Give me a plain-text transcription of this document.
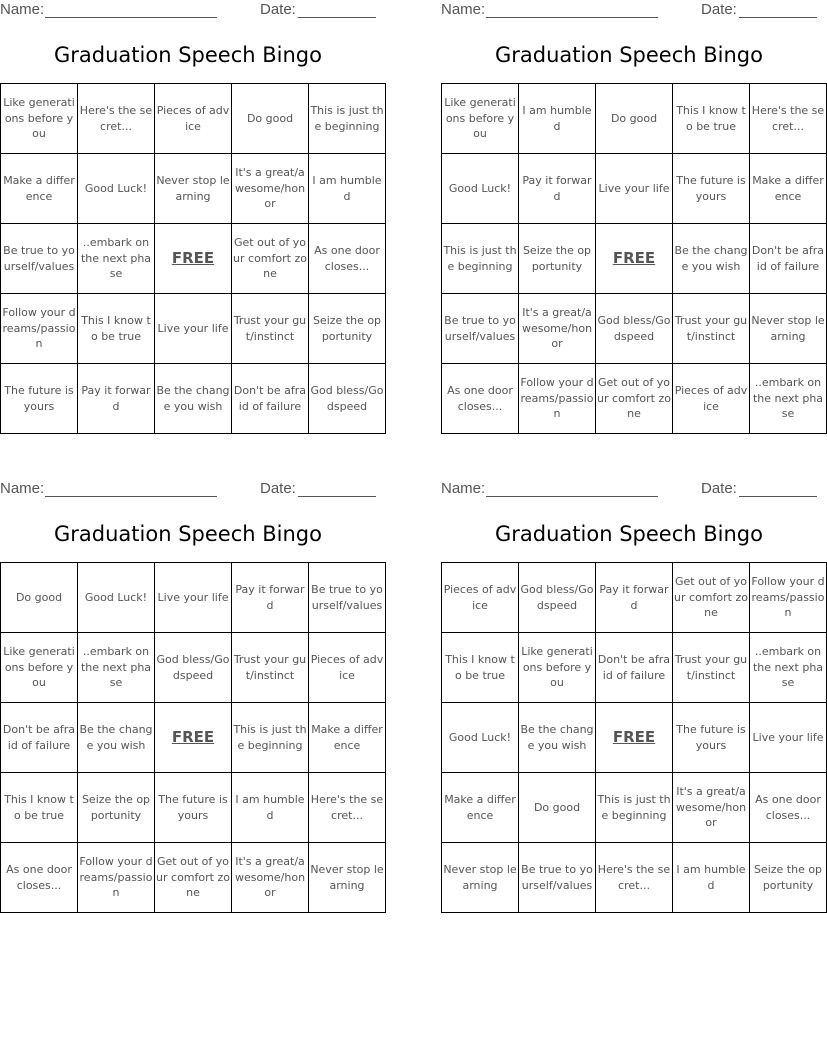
Name:	Date:
Graduation Speech Bingo
Like generations before you	Here's the secret...	Pieces of advice	Do good	This is just the beginning
Make a difference	Good Luck!	Never stop learning	It's a great/awesome/honor	I am humbled
Be true to yourself/values	..embark on the next phase	FREE	Get out of your comfort zone	As one door closes...
Follow your dreams/passion	This I know to be true	Live your life	Trust your gut/instinct	Seize the opportunity
The future is yours	Pay it forward	Be the change you wish	Don't be afraid of failure	God bless/Godspeed
Name:	Date:
Graduation Speech Bingo
Like generations before you	I am humbled	Do good	This I know to be true	Here's the secret...
Good Luck!	Pay it forward	Live your life	The future is yours	Make a difference
This is just the beginning	Seize the opportunity	FREE	Be the change you wish	Don't be afraid of failure
Be true to yourself/values	It's a great/awesome/honor	God bless/Godspeed	Trust your gut/instinct	Never stop learning
As one door closes...	Follow your dreams/passion	Get out of your comfort zone	Pieces of advice	..embark on the next phase
Name:	Date:
Graduation Speech Bingo
Do good	Good Luck!	Live your life	Pay it forward	Be true to yourself/values
Like generations before you	..embark on the next phase	God bless/Godspeed	Trust your gut/instinct	Pieces of advice
Don't be afraid of failure	Be the change you wish	FREE	This is just the beginning	Make a difference
This I know to be true	Seize the opportunity	The future is yours	I am humbled	Here's the secret...
As one door closes...	Follow your dreams/passion	Get out of your comfort zone	It's a great/awesome/honor	Never stop learning
Name:	Date:
Graduation Speech Bingo
Pieces of advice	God bless/Godspeed	Pay it forward	Get out of your comfort zone	Follow your dreams/passion
This I know to be true	Like generations before you	Don't be afraid of failure	Trust your gut/instinct	..embark on the next phase
Good Luck!	Be the change you wish	FREE	The future is yours	Live your life
Make a difference	Do good	This is just the beginning	It's a great/awesome/honor	As one door closes...
Never stop learning	Be true to yourself/values	Here's the secret...	I am humbled	Seize the opportunity
